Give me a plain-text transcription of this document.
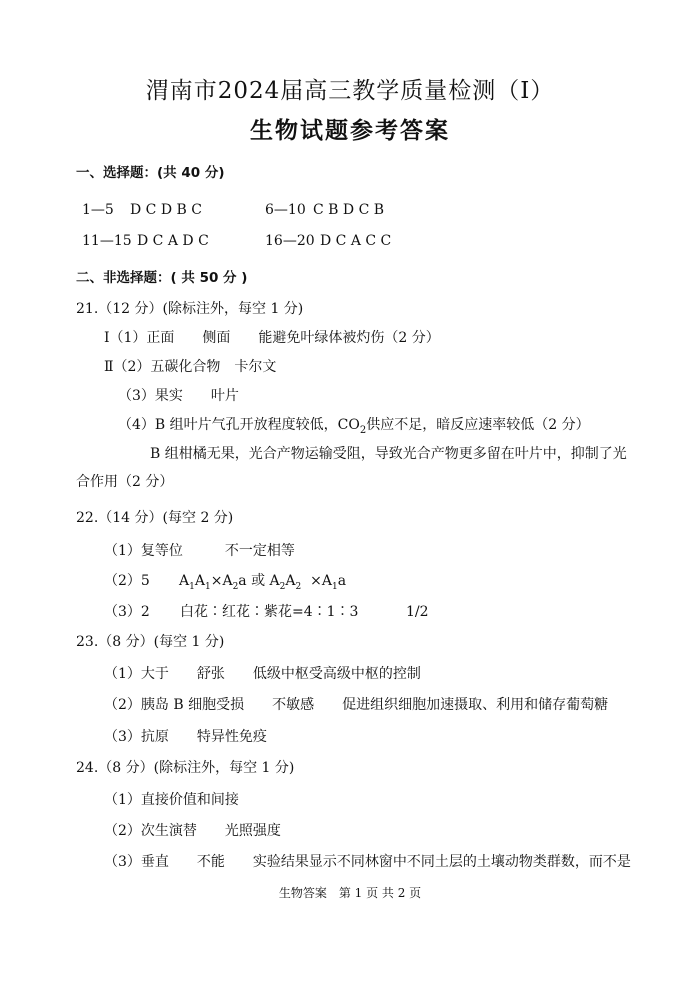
渭南市2024届高三教学质量检测（Ⅰ）
生物试题参考答案
一、选择题：(共 40 分)
1—5 D C D B C	6—10 C B D C B
11—15 D C A D C	16—20 D C A C C
二、非选择题：( 共 50 分 )
21.（12 分）(除标注外，每空 1 分)
Ⅰ（1）正面　　侧面　　能避免叶绿体被灼伤（2 分）
Ⅱ（2）五碳化合物　卡尔文
（3）果实　　叶片
（4）B 组叶片气孔开放程度较低，$CO_2$供应不足，暗反应速率较低（2 分）
B 组柑橘无果，光合产物运输受阻，导致光合产物更多留在叶片中，抑制了光
合作用（2 分）
22.（14 分）(每空 2 分)
（1）复等位　　　不一定相等
（2）5 $A_1A_1\times A_2a$ 或 $A_2A_2 \times A_1a$
（3）2 白花∶红花∶紫花=4∶1∶3	1/2
23.（8 分）(每空 1 分)
（1）大于　　舒张　　低级中枢受高级中枢的控制
（2）胰岛 B 细胞受损　　不敏感　　促进组织细胞加速摄取、利用和储存葡萄糖
（3）抗原　　特异性免疫
24.（8 分）(除标注外，每空 1 分)
（1）直接价值和间接
（2）次生演替　　光照强度
（3）垂直　　不能　　实验结果显示不同林窗中不同土层的土壤动物类群数，而不是
生物答案　第 1 页 共 2 页
